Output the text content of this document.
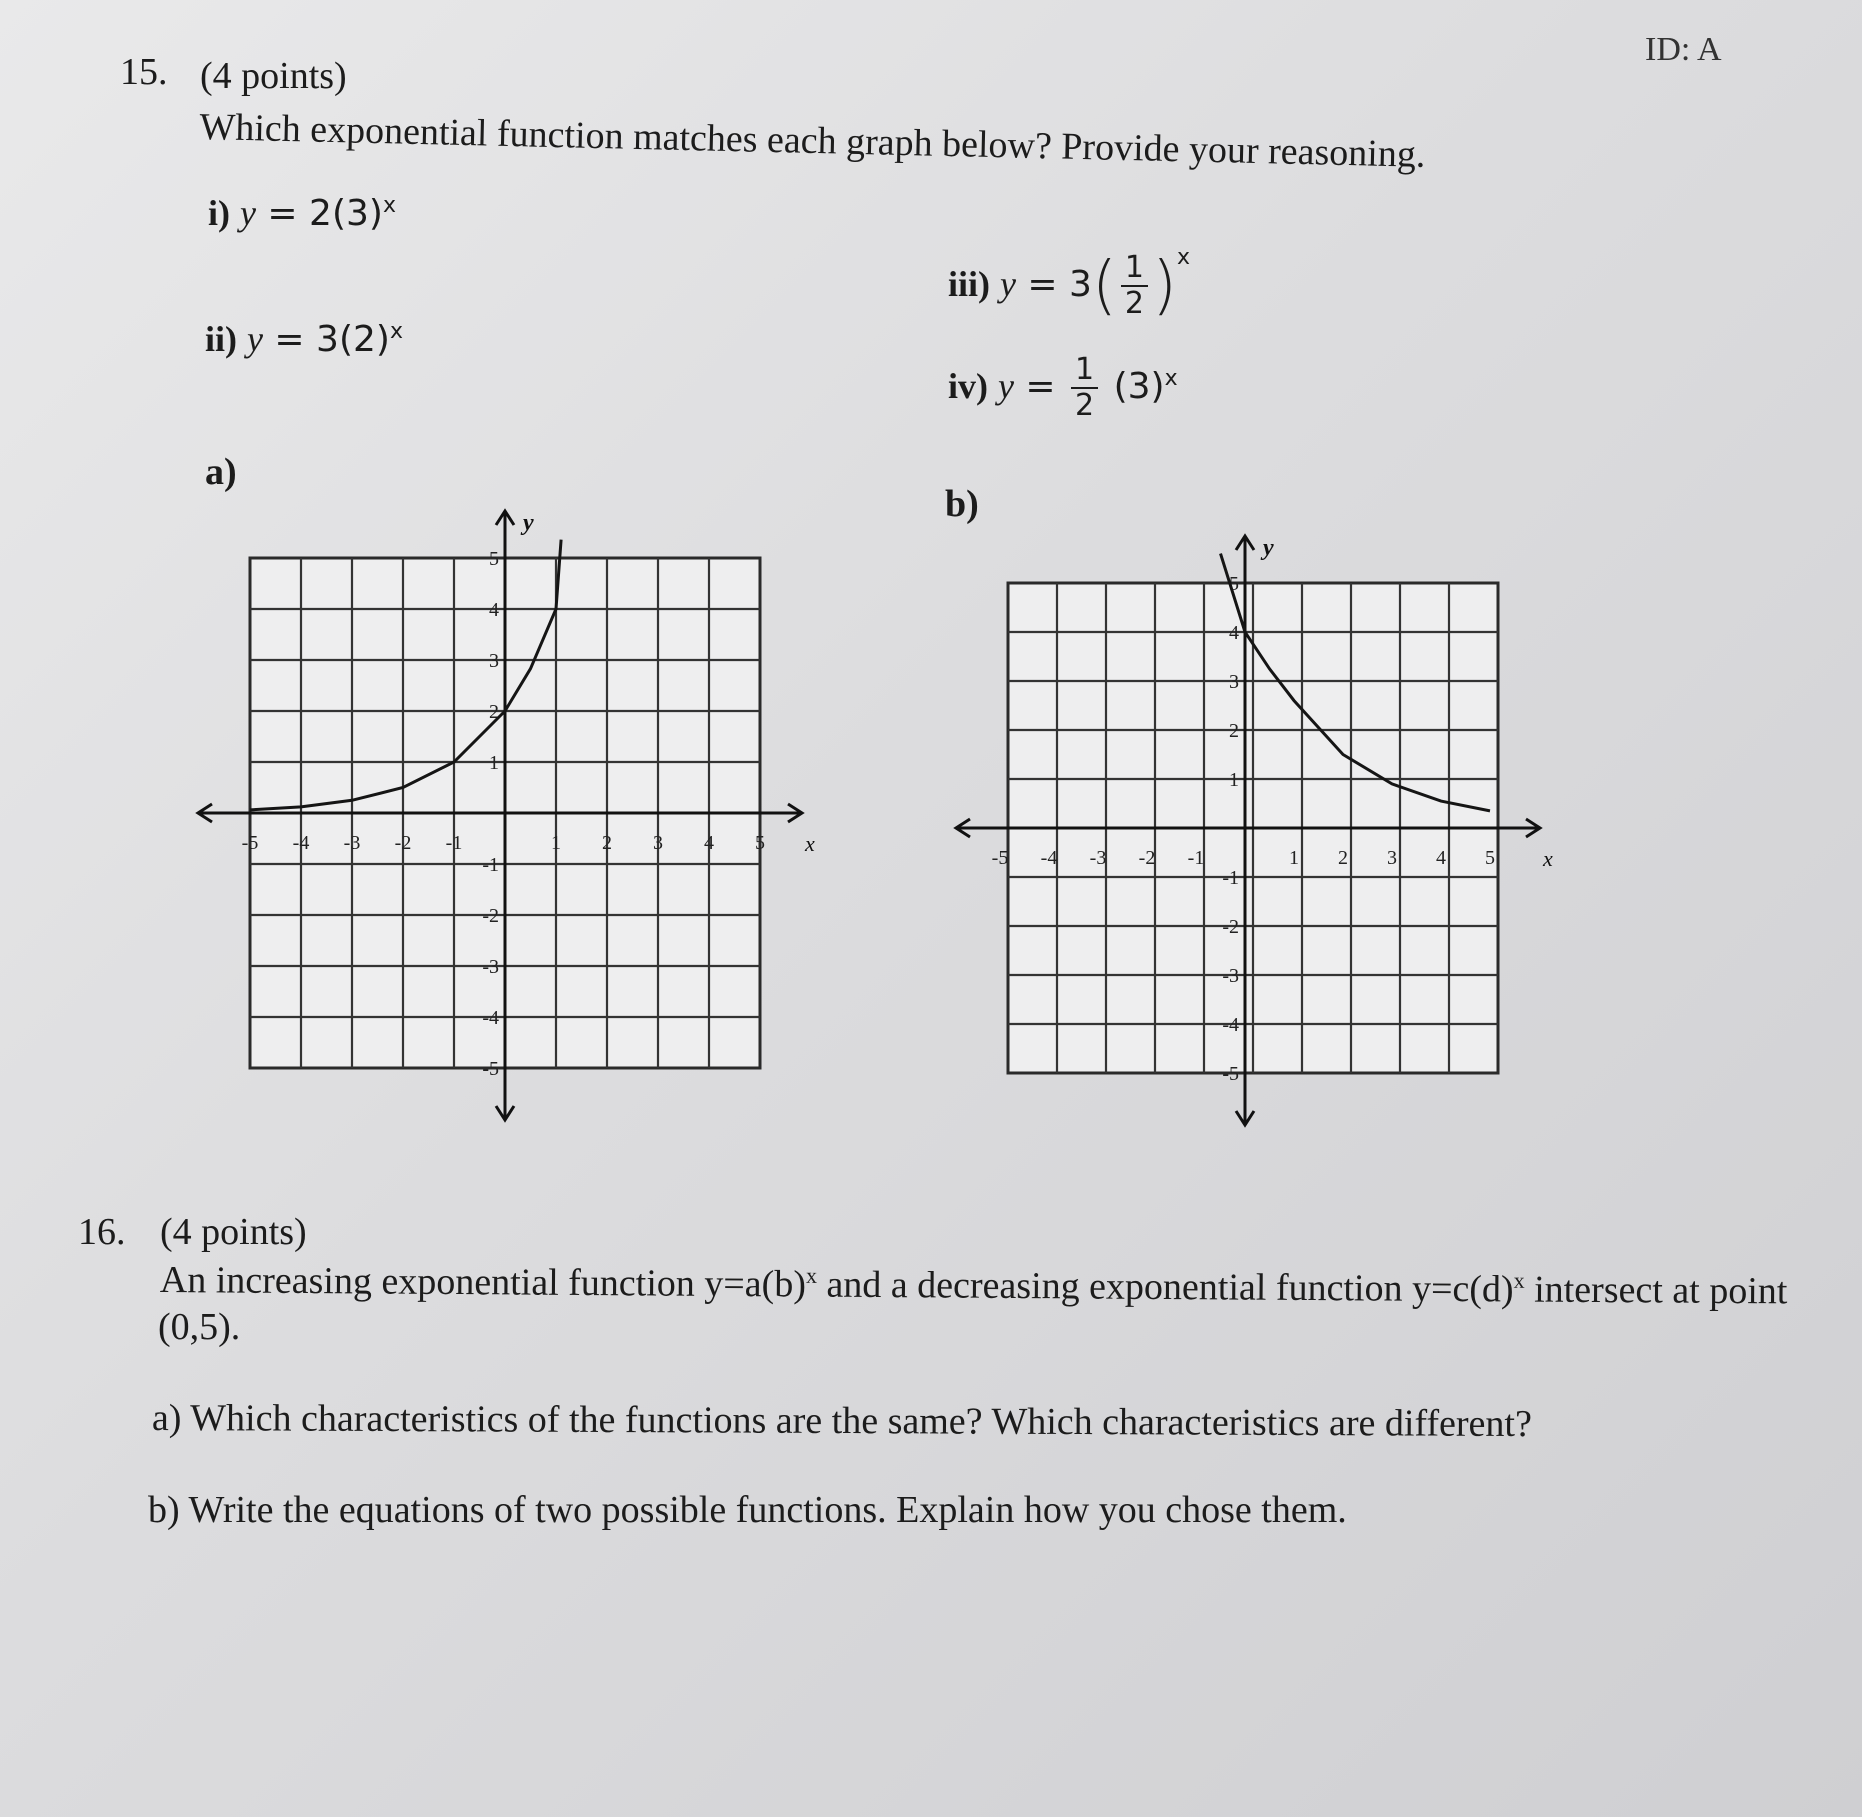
ID: A
15. (4 points)
Which exponential function matches each graph below? Provide your reasoning.
i) $y = 2(3)^x$
ii) $y = 3(2)^x$
iii) $y = 3( \frac{1}{2} )^x$
iv) $y = \frac{1}{2} (3)^x$
a)
b)
y
x
-5 -4 -3 -2 -1	1 2 3 4 5
5
4
3
2
1
-1
-2
-3
-4
-5
y
x
-5 -4 -3 -2 -1	1 2 3 4 5
5
4
3
2
1
-1
-2
-3
-4
-5
16. (4 points)
An increasing exponential function $y=a(b)^x$ and a decreasing exponential function $y=c(d)^x$ intersect at point
(0,5).
a) Which characteristics of the functions are the same? Which characteristics are different?
b) Write the equations of two possible functions. Explain how you chose them.
